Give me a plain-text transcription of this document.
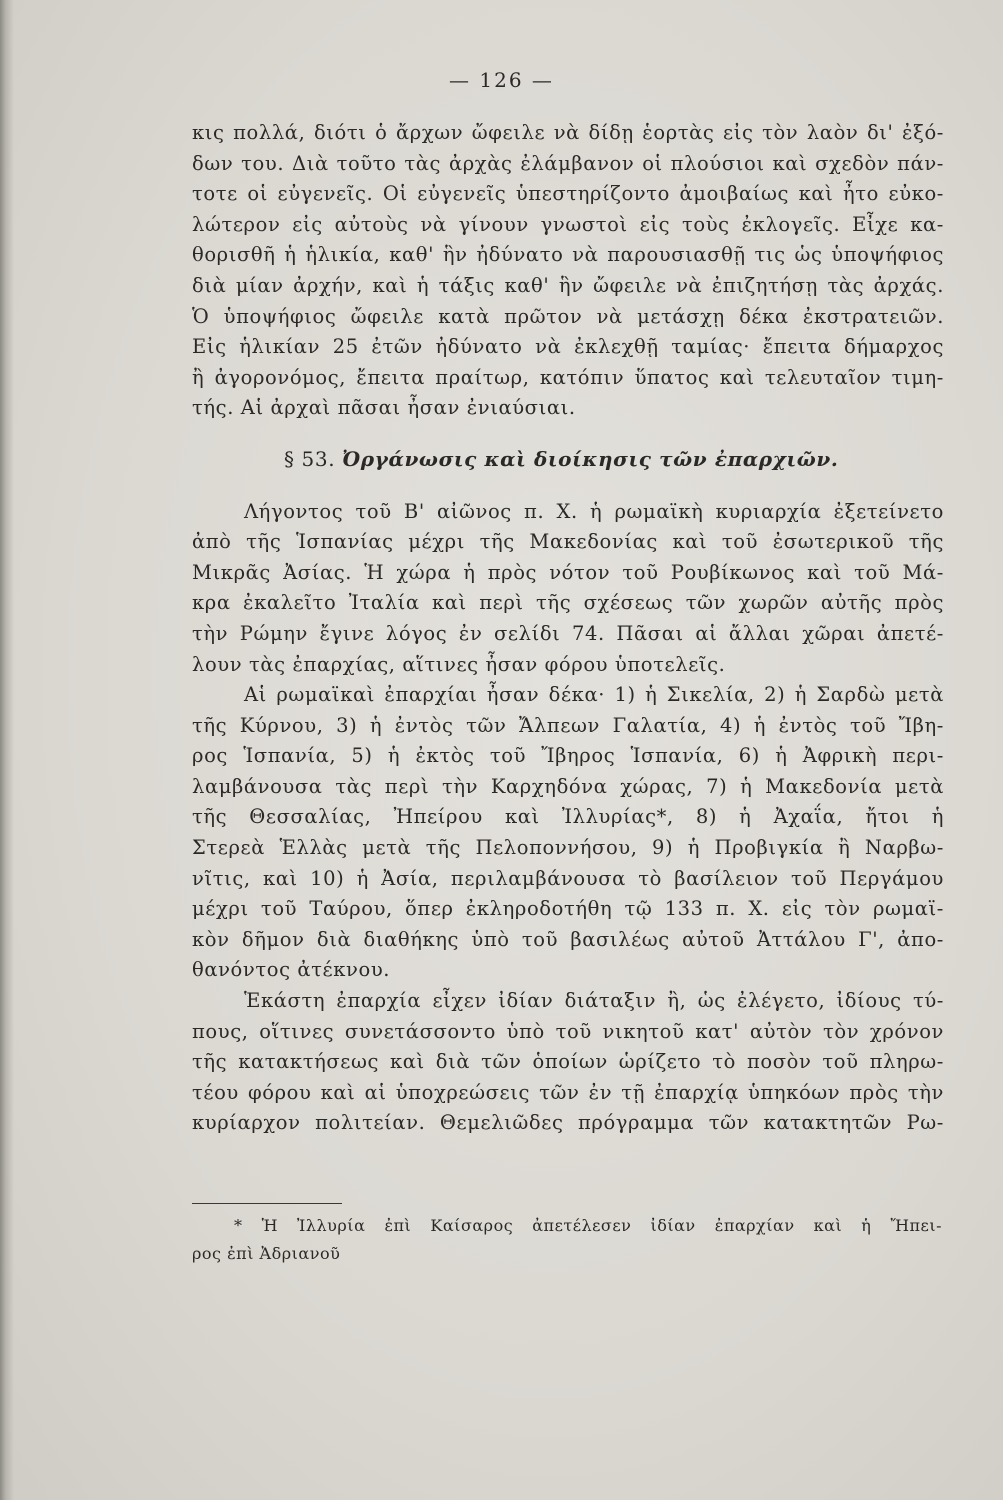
— 126 —
κις πολλά, διότι ὁ ἄρχων ὤφειλε νὰ δίδῃ ἑορτὰς εἰς τὸν λαὸν δι' ἐξό-
δων του. Διὰ τοῦτο τὰς ἀρχὰς ἐλάμβανον οἱ πλούσιοι καὶ σχεδὸν πάν-
τοτε οἱ εὐγενεῖς. Οἱ εὐγενεῖς ὑπεστηρίζοντο ἀμοιβαίως καὶ ἦτο εὐκο-
λώτερον εἰς αὐτοὺς νὰ γίνουν γνωστοὶ εἰς τοὺς ἐκλογεῖς. Εἶχε κα-
θορισθῆ ἡ ἡλικία, καθ' ἣν ἠδύνατο νὰ παρουσιασθῇ τις ὡς ὑποψήφιος
διὰ μίαν ἀρχήν, καὶ ἡ τάξις καθ' ἣν ὤφειλε νὰ ἐπιζητήσῃ τὰς ἀρχάς.
Ὁ ὑποψήφιος ὤφειλε κατὰ πρῶτον νὰ μετάσχῃ δέκα ἐκστρατειῶν.
Εἰς ἡλικίαν 25 ἐτῶν ἠδύνατο νὰ ἐκλεχθῇ ταμίας· ἔπειτα δήμαρχος
ἢ ἀγορονόμος, ἔπειτα πραίτωρ, κατόπιν ὕπατος καὶ τελευταῖον τιμη-
τής. Αἱ ἀρχαὶ πᾶσαι ἦσαν ἐνιαύσιαι.
§ 53. Ὀργάνωσις καὶ διοίκησις τῶν ἐπαρχιῶν.
Λήγοντος τοῦ Β' αἰῶνος π. Χ. ἡ ρωμαϊκὴ κυριαρχία ἐξετείνετο
ἀπὸ τῆς Ἱσπανίας μέχρι τῆς Μακεδονίας καὶ τοῦ ἐσωτερικοῦ τῆς
Μικρᾶς Ἀσίας. Ἡ χώρα ἡ πρὸς νότον τοῦ Ρουβίκωνος καὶ τοῦ Μά-
κρα ἐκαλεῖτο Ἰταλία καὶ περὶ τῆς σχέσεως τῶν χωρῶν αὐτῆς πρὸς
τὴν Ρώμην ἔγινε λόγος ἐν σελίδι 74. Πᾶσαι αἱ ἄλλαι χῶραι ἀπετέ-
λουν τὰς ἐπαρχίας, αἵτινες ἦσαν φόρου ὑποτελεῖς.
Αἱ ρωμαϊκαὶ ἐπαρχίαι ἦσαν δέκα· 1) ἡ Σικελία, 2) ἡ Σαρδὼ μετὰ
τῆς Κύρνου, 3) ἡ ἐντὸς τῶν Ἄλπεων Γαλατία, 4) ἡ ἐντὸς τοῦ Ἴβη-
ρος Ἱσπανία, 5) ἡ ἐκτὸς τοῦ Ἴβηρος Ἱσπανία, 6) ἡ Ἀφρικὴ περι-
λαμβάνουσα τὰς περὶ τὴν Καρχηδόνα χώρας, 7) ἡ Μακεδονία μετὰ
τῆς Θεσσαλίας, Ἠπείρου καὶ Ἰλλυρίας*, 8) ἡ Ἀχαΐα, ἤτοι ἡ
Στερεὰ Ἑλλὰς μετὰ τῆς Πελοποννήσου, 9) ἡ Προβιγκία ἢ Ναρβω-
νῖτις, καὶ 10) ἡ Ἀσία, περιλαμβάνουσα τὸ βασίλειον τοῦ Περγάμου
μέχρι τοῦ Ταύρου, ὅπερ ἐκληροδοτήθη τῷ 133 π. Χ. εἰς τὸν ρωμαϊ-
κὸν δῆμον διὰ διαθήκης ὑπὸ τοῦ βασιλέως αὐτοῦ Ἀττάλου Γ', ἀπο-
θανόντος ἀτέκνου.
Ἑκάστη ἐπαρχία εἶχεν ἰδίαν διάταξιν ἢ, ὡς ἐλέγετο, ἰδίους τύ-
πους, οἵτινες συνετάσσοντο ὑπὸ τοῦ νικητοῦ κατ' αὐτὸν τὸν χρόνον
τῆς κατακτήσεως καὶ διὰ τῶν ὁποίων ὡρίζετο τὸ ποσὸν τοῦ πληρω-
τέου φόρου καὶ αἱ ὑποχρεώσεις τῶν ἐν τῇ ἐπαρχίᾳ ὑπηκόων πρὸς τὴν
κυρίαρχον πολιτείαν. Θεμελιῶδες πρόγραμμα τῶν κατακτητῶν Ρω-
* Ἡ Ἰλλυρία ἐπὶ Καίσαρος ἀπετέλεσεν ἰδίαν ἐπαρχίαν καὶ ἡ Ἤπει-
ρος ἐπὶ Ἀδριανοῦ
